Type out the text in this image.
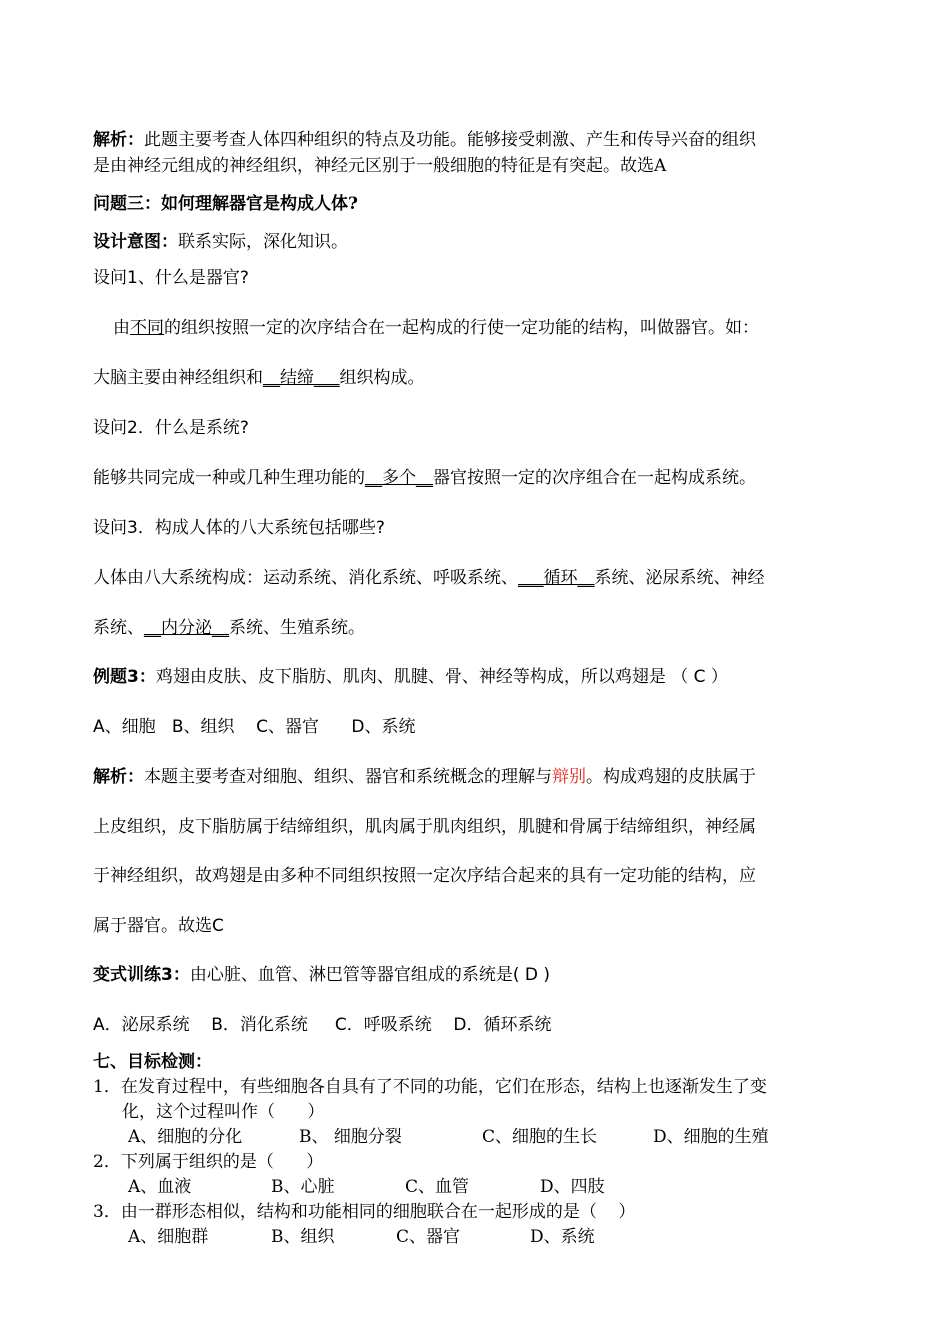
解析：此题主要考查人体四种组织的特点及功能。能够接受刺激、产生和传导兴奋的组织
是由神经元组成的神经组织，神经元区别于一般细胞的特征是有突起。故选A
问题三：如何理解器官是构成人体?
设计意图：联系实际，深化知识。
设问1、什么是器官?
由不同的组织按照一定的次序结合在一起构成的行使一定功能的结构，叫做器官。如：
大脑主要由神经组织和__结缔___组织构成。
设问2．什么是系统?
能够共同完成一种或几种生理功能的__多个__器官按照一定的次序组合在一起构成系统。
设问3．构成人体的八大系统包括哪些?
人体由八大系统构成：运动系统、消化系统、呼吸系统、___循环__系统、泌尿系统、神经
系统、__内分泌__系统、生殖系统。
例题3：鸡翅由皮肤、皮下脂肪、肌肉、肌腱、骨、神经等构成，所以鸡翅是 （ C ）
A、细胞   B、组织    C、器官      D、系统
解析：本题主要考查对细胞、组织、器官和系统概念的理解与辩别。构成鸡翅的皮肤属于
上皮组织，皮下脂肪属于结缔组织，肌肉属于肌肉组织，肌腱和骨属于结缔组织，神经属
于神经组织，故鸡翅是由多种不同组织按照一定次序结合起来的具有一定功能的结构，应
属于器官。故选C
变式训练3：由心脏、血管、淋巴管等器官组成的系统是( D )
A．泌尿系统    B．消化系统     C．呼吸系统    D．循环系统
七、目标检测：
1．在发育过程中，有些细胞各自具有了不同的功能，它们在形态，结构上也逐渐发生了变
化，这个过程叫作（      ）
A、细胞的分化	B、 细胞分裂	C、细胞的生长	D、细胞的生殖
2．下列属于组织的是（      ）
A、血液	B、心脏	C、血管	D、四肢
3．由一群形态相似，结构和功能相同的细胞联合在一起形成的是（    ）
A、细胞群	B、组织	C、器官	D、系统
